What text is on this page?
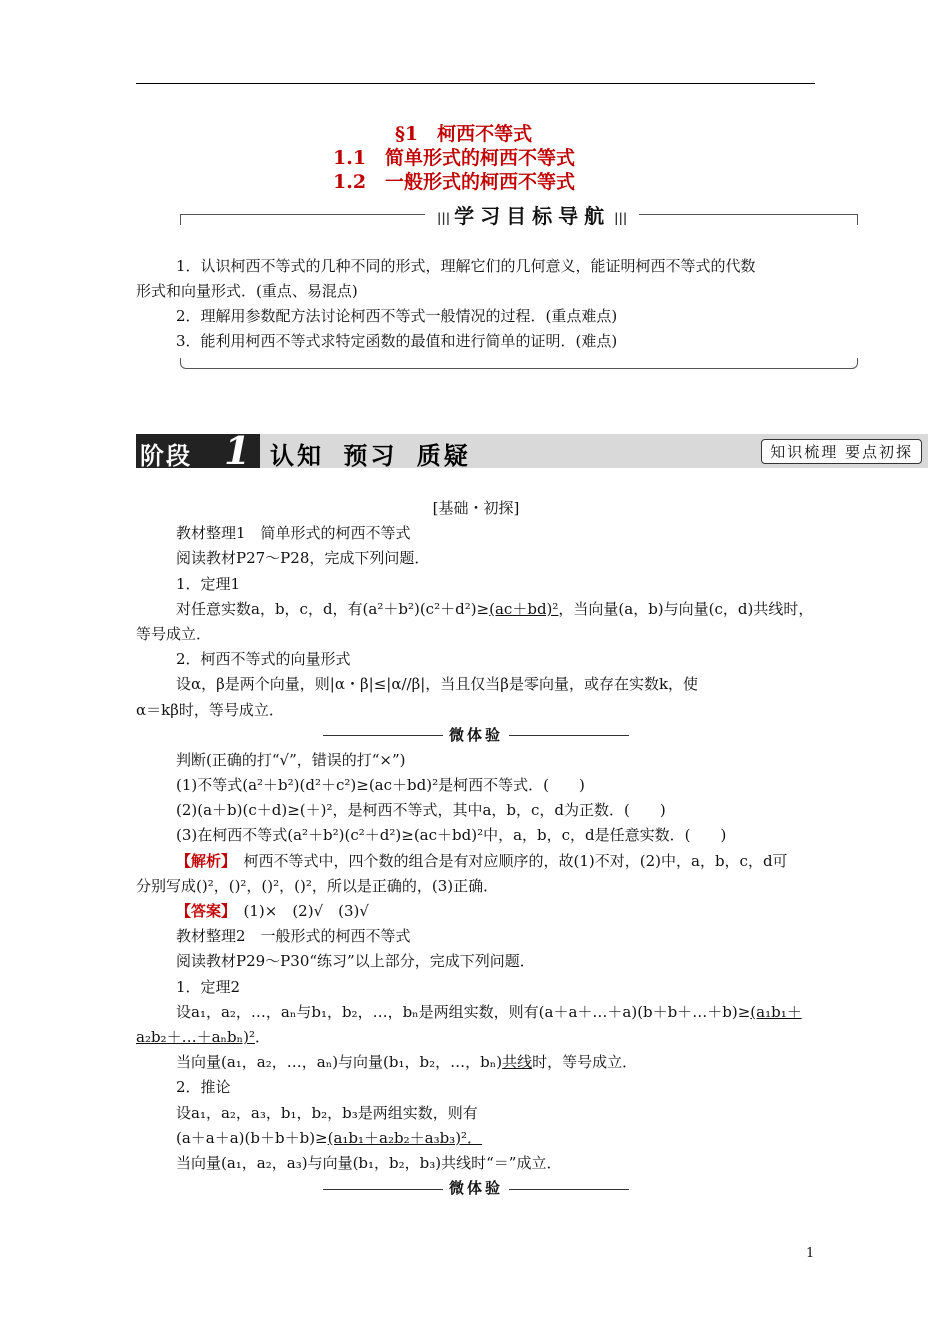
§1　柯西不等式
1.1　简单形式的柯西不等式
1.2　一般形式的柯西不等式
||| 学习目标导航 |||

1．认识柯西不等式的几种不同的形式，理解它们的几何意义，能证明柯西不等式的代数

形式和向量形式．(重点、易混点)

2．理解用参数配方法讨论柯西不等式一般情况的过程．(重点难点)

3．能利用柯西不等式求特定函数的最值和进行简单的证明．(难点)

阶段 1 认知 预习 质疑	知识梳理 要点初探

[基础・初探]

教材整理1　简单形式的柯西不等式

阅读教材P27～P28，完成下列问题．

1．定理1

对任意实数a，b，c，d，有(a²＋b²)(c²＋d²)≥(ac＋bd)²，当向量(a，b)与向量(c，d)共线时，

等号成立．

2．柯西不等式的向量形式

设α，β是两个向量，则|α・β|≤|α//β|，当且仅当β是零向量，或存在实数k，使

α＝kβ时，等号成立．

微体验

判断(正确的打“√”，错误的打“×”)

(1)不等式(a²＋b²)(d²＋c²)≥(ac＋bd)²是柯西不等式．(　　)

(2)(a＋b)(c＋d)≥(＋)²，是柯西不等式，其中a，b，c，d为正数．(　　)

(3)在柯西不等式(a²＋b²)(c²＋d²)≥(ac＋bd)²中，a，b，c，d是任意实数．(　　)

【解析】　柯西不等式中，四个数的组合是有对应顺序的，故(1)不对，(2)中，a，b，c，d可

分别写成()²，()²，()²，()²，所以是正确的，(3)正确．

【答案】　(1)×　(2)√　(3)√

教材整理2　一般形式的柯西不等式

阅读教材P29～P30“练习”以上部分，完成下列问题．

1．定理2

设a₁，a₂，…，aₙ与b₁，b₂，…，bₙ是两组实数，则有(a＋a＋…＋a)(b＋b＋…＋b)≥(a₁b₁＋

a₂b₂＋…＋aₙbₙ)²．

当向量(a₁，a₂，…，aₙ)与向量(b₁，b₂，…，bₙ)共线时，等号成立．

2．推论

设a₁，a₂，a₃，b₁，b₂，b₃是两组实数，则有

(a＋a＋a)(b＋b＋b)≥(a₁b₁＋a₂b₂＋a₃b₃)²．

当向量(a₁，a₂，a₃)与向量(b₁，b₂，b₃)共线时“＝”成立．

微体验
1
